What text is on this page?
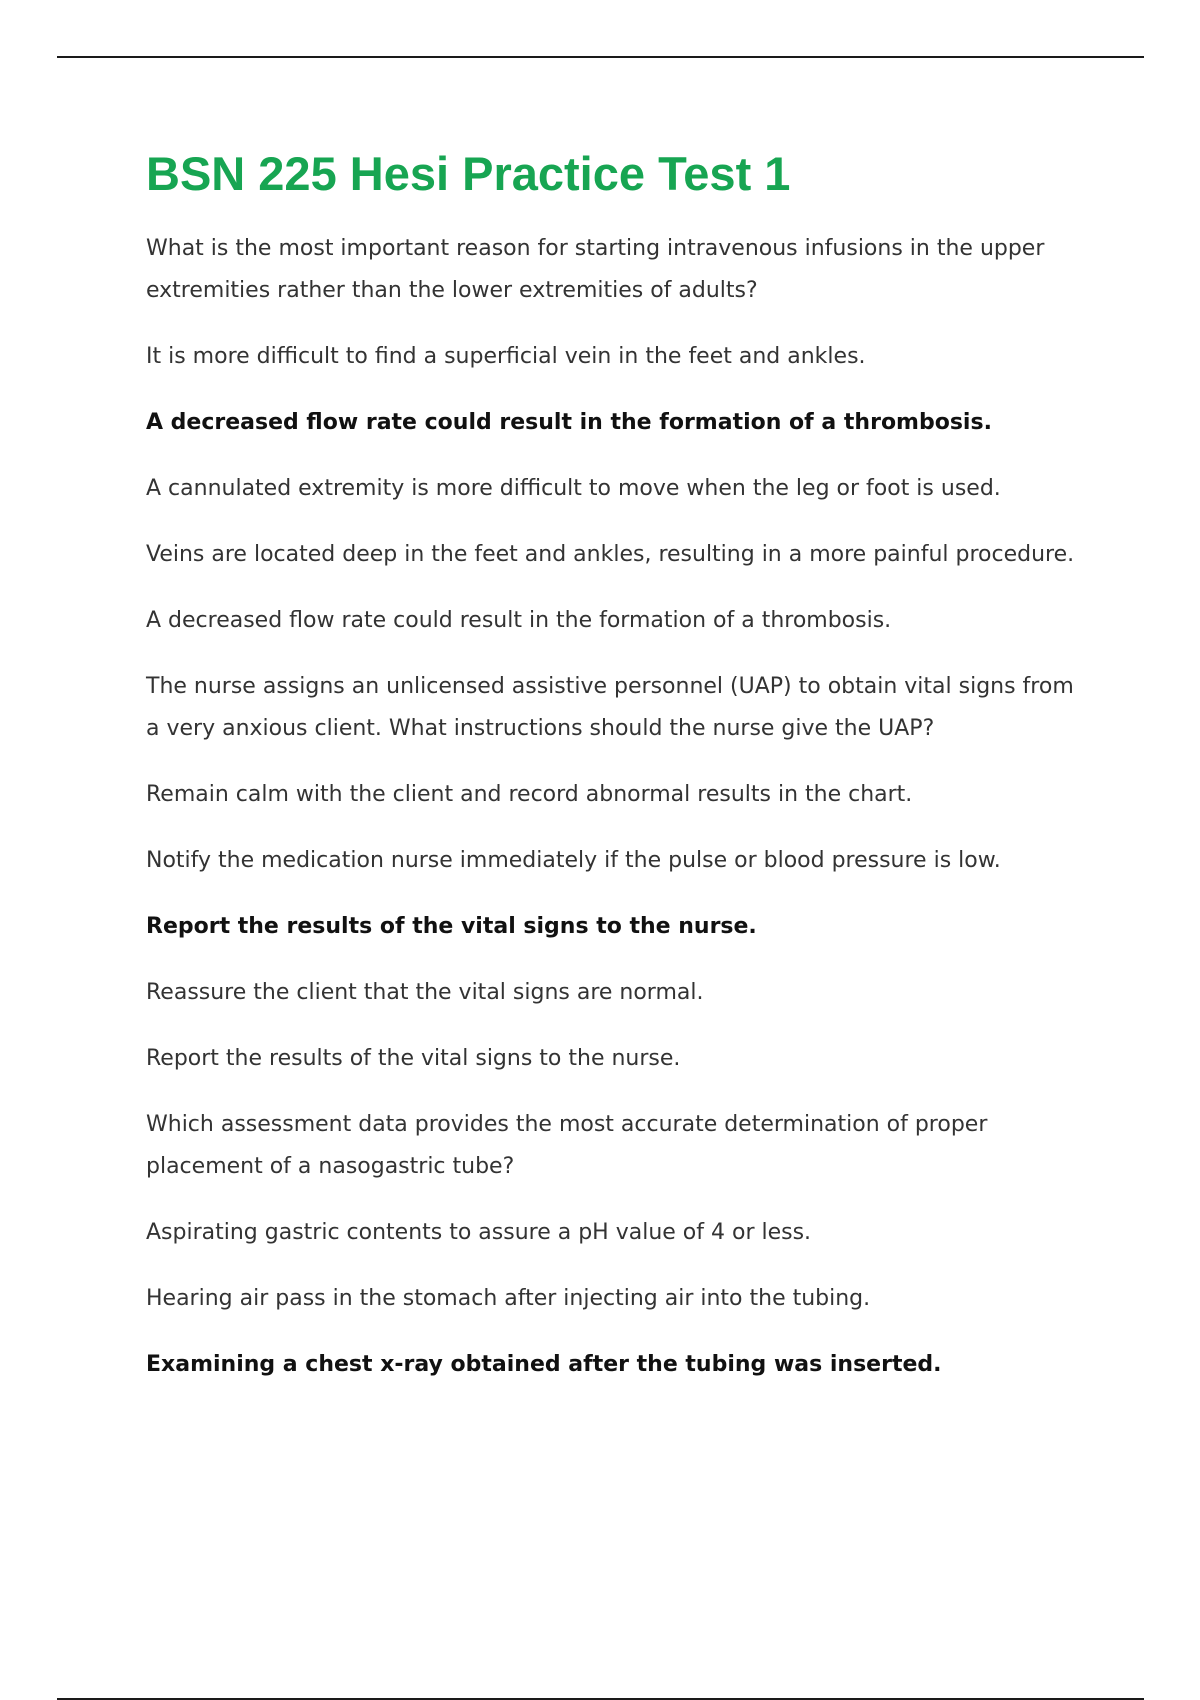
BSN 225 Hesi Practice Test 1

What is the most important reason for starting intravenous infusions in the upper extremities rather than the lower extremities of adults?

It is more difficult to find a superficial vein in the feet and ankles.

A decreased flow rate could result in the formation of a thrombosis.

A cannulated extremity is more difficult to move when the leg or foot is used.

Veins are located deep in the feet and ankles, resulting in a more painful procedure.

A decreased flow rate could result in the formation of a thrombosis.

The nurse assigns an unlicensed assistive personnel (UAP) to obtain vital signs from a very anxious client. What instructions should the nurse give the UAP?

Remain calm with the client and record abnormal results in the chart.

Notify the medication nurse immediately if the pulse or blood pressure is low.

Report the results of the vital signs to the nurse.

Reassure the client that the vital signs are normal.

Report the results of the vital signs to the nurse.

Which assessment data provides the most accurate determination of proper placement of a nasogastric tube?

Aspirating gastric contents to assure a pH value of 4 or less.

Hearing air pass in the stomach after injecting air into the tubing.

Examining a chest x-ray obtained after the tubing was inserted.
